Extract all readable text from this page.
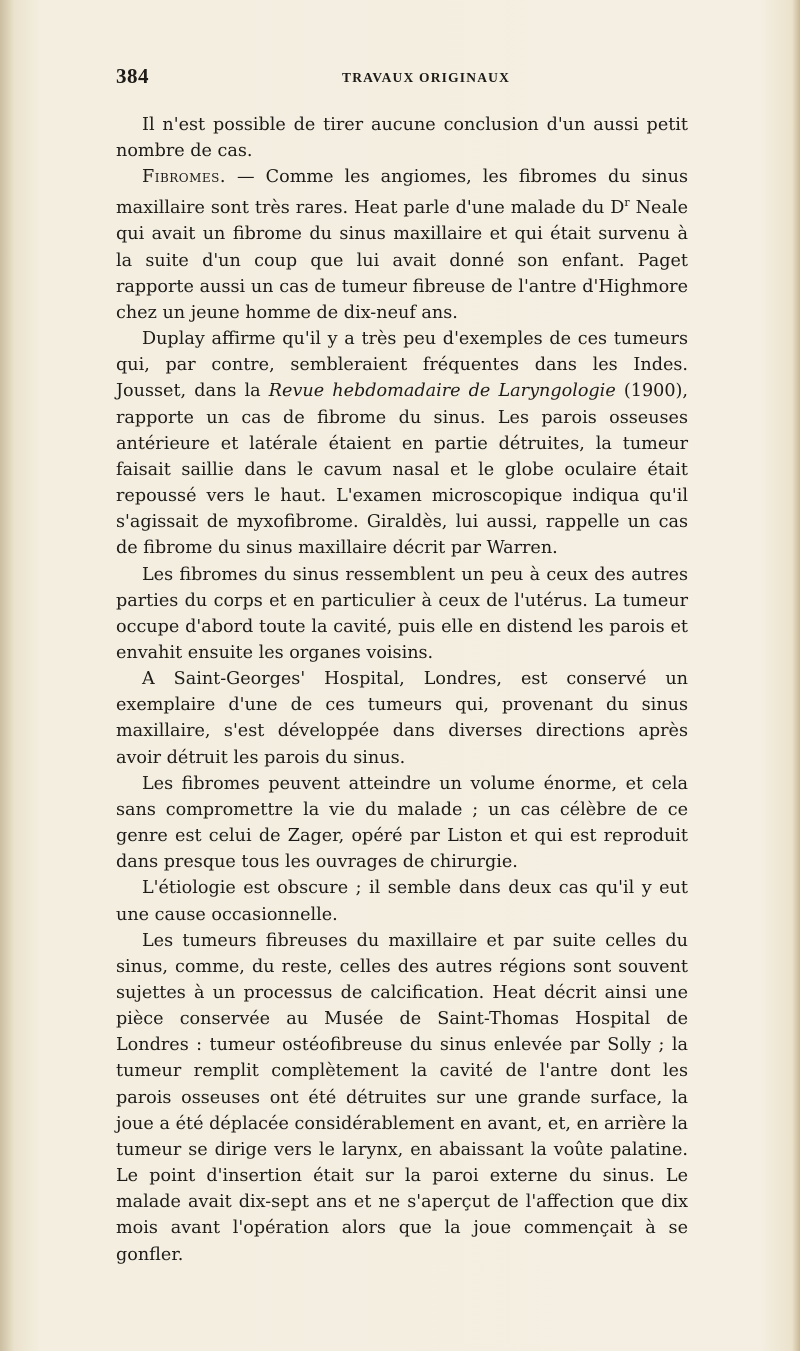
384	TRAVAUX ORIGINAUX

Il n'est possible de tirer aucune conclusion d'un aussi petit nombre de cas.

Fibromes. — Comme les angiomes, les fibromes du sinus maxillaire sont très rares. Heat parle d'une malade du $D^r$ Neale qui avait un fibrome du sinus maxillaire et qui était survenu à la suite d'un coup que lui avait donné son enfant. Paget rapporte aussi un cas de tumeur fibreuse de l'antre d'Highmore chez un jeune homme de dix-neuf ans.

Duplay affirme qu'il y a très peu d'exemples de ces tumeurs qui, par contre, sembleraient fréquentes dans les Indes. Jousset, dans la Revue hebdomadaire de Laryngologie (1900), rapporte un cas de fibrome du sinus. Les parois osseuses antérieure et latérale étaient en partie détruites, la tumeur faisait saillie dans le cavum nasal et le globe oculaire était repoussé vers le haut. L'examen microscopique indiqua qu'il s'agissait de myxofibrome. Giraldès, lui aussi, rappelle un cas de fibrome du sinus maxillaire décrit par Warren.

Les fibromes du sinus ressemblent un peu à ceux des autres parties du corps et en particulier à ceux de l'utérus. La tumeur occupe d'abord toute la cavité, puis elle en distend les parois et envahit ensuite les organes voisins.

A Saint-Georges' Hospital, Londres, est conservé un exemplaire d'une de ces tumeurs qui, provenant du sinus maxillaire, s'est développée dans diverses directions après avoir détruit les parois du sinus.

Les fibromes peuvent atteindre un volume énorme, et cela sans compromettre la vie du malade ; un cas célèbre de ce genre est celui de Zager, opéré par Liston et qui est reproduit dans presque tous les ouvrages de chirurgie.

L'étiologie est obscure ; il semble dans deux cas qu'il y eut une cause occasionnelle.

Les tumeurs fibreuses du maxillaire et par suite celles du sinus, comme, du reste, celles des autres régions sont souvent sujettes à un processus de calcification. Heat décrit ainsi une pièce conservée au Musée de Saint-Thomas Hospital de Londres : tumeur ostéofibreuse du sinus enlevée par Solly ; la tumeur remplit complètement la cavité de l'antre dont les parois osseuses ont été détruites sur une grande surface, la joue a été déplacée considérablement en avant, et, en arrière la tumeur se dirige vers le larynx, en abaissant la voûte palatine. Le point d'insertion était sur la paroi externe du sinus. Le malade avait dix-sept ans et ne s'aperçut de l'affection que dix mois avant l'opération alors que la joue commençait à se gonfler.
